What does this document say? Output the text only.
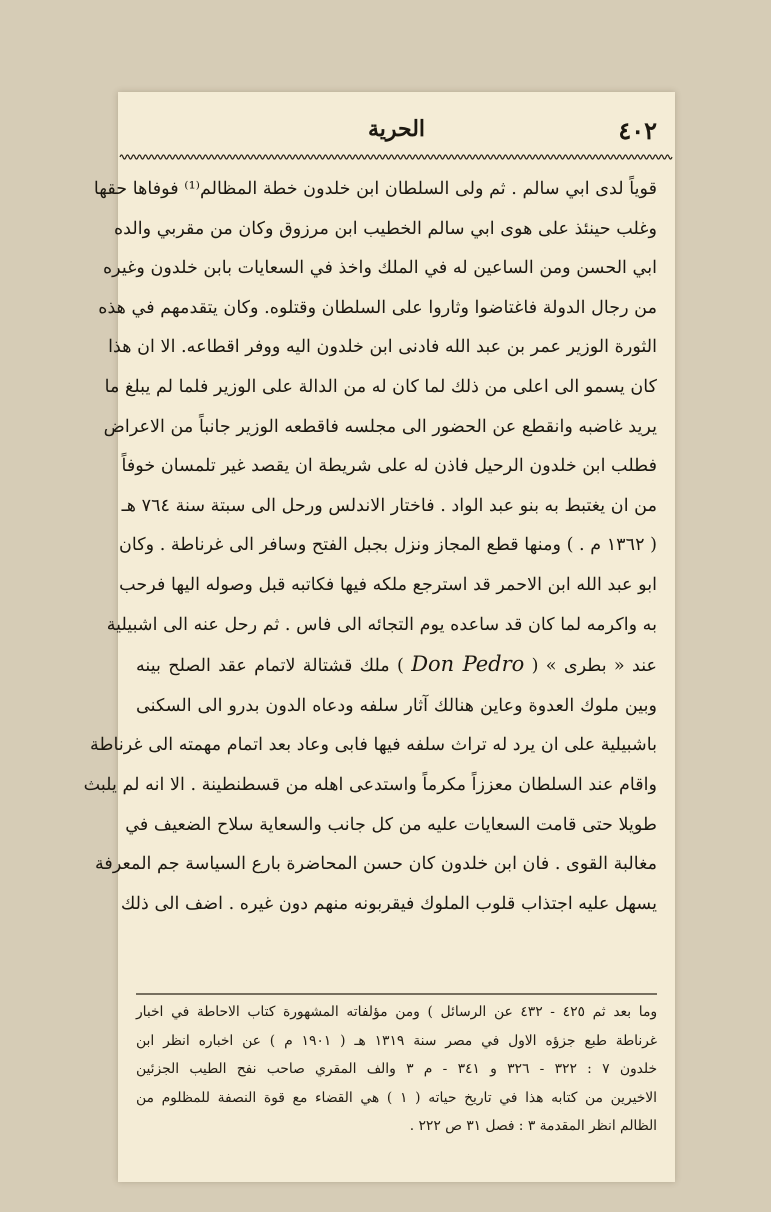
٤٠٢
الحرية
قوياً لدى ابي سالم . ثم ولى السلطان ابن خلدون خطة المظالم⁽¹⁾ فوفاها حقها
وغلب حينئذ على هوى ابي سالم الخطيب ابن مرزوق وكان من مقربي والده
ابي الحسن ومن الساعين له في الملك واخذ في السعايات بابن خلدون وغيره
من رجال الدولة فاغتاضوا وثاروا على السلطان وقتلوه. وكان يتقدمهم في هذه
الثورة الوزير عمر بن عبد الله فادنى ابن خلدون اليه ووفر اقطاعه. الا ان هذا
كان يسمو الى اعلى من ذلك لما كان له من الدالة على الوزير فلما لم يبلغ ما
يريد غاضبه وانقطع عن الحضور الى مجلسه فاقطعه الوزير جانباً من الاعراض
فطلب ابن خلدون الرحيل فاذن له على شريطة ان يقصد غير تلمسان خوفاً
من ان يغتبط به بنو عبد الواد . فاختار الاندلس ورحل الى سبتة سنة ٧٦٤ هـ
( ١٣٦٢ م . ) ومنها قطع المجاز ونزل بجبل الفتح وسافر الى غرناطة . وكان
ابو عبد الله ابن الاحمر قد استرجع ملكه فيها فكاتبه قبل وصوله اليها فرحب
به واكرمه لما كان قد ساعده يوم التجائه الى فاس . ثم رحل عنه الى اشبيلية
عند « بطرى » ( Don Pedro ) ملك قشتالة لاتمام عقد الصلح بينه
وبين ملوك العدوة وعاين هنالك آثار سلفه ودعاه الدون بدرو الى السكنى
باشبيلية على ان يرد له تراث سلفه فيها فابى وعاد بعد اتمام مهمته الى غرناطة
واقام عند السلطان معززاً مكرماً واستدعى اهله من قسطنطينة . الا انه لم يلبث
طويلا حتى قامت السعايات عليه من كل جانب والسعاية سلاح الضعيف في
مغالبة القوى . فان ابن خلدون كان حسن المحاضرة بارع السياسة جم المعرفة
يسهل عليه اجتذاب قلوب الملوك فيقربونه منهم دون غيره . اضف الى ذلك
وما بعد ثم ٤٢٥ - ٤٣٢ عن الرسائل ) ومن مؤلفاته المشهورة كتاب الاحاطة في اخبار
غرناطة طبع جزؤه الاول في مصر سنة ١٣١٩ هـ ( ١٩٠١ م ) عن اخباره انظر ابن
خلدون ٧ : ٣٢٢ - ٣٢٦ و ٣٤١ - م ٣ والف المقري صاحب نفح الطيب الجزئين
الاخيرين من كتابه هذا في تاريخ حياته ( ١ ) هي القضاء مع قوة النصفة للمظلوم من
الظالم انظر المقدمة ٣ : فصل ٣١ ص ٢٢٢ .
